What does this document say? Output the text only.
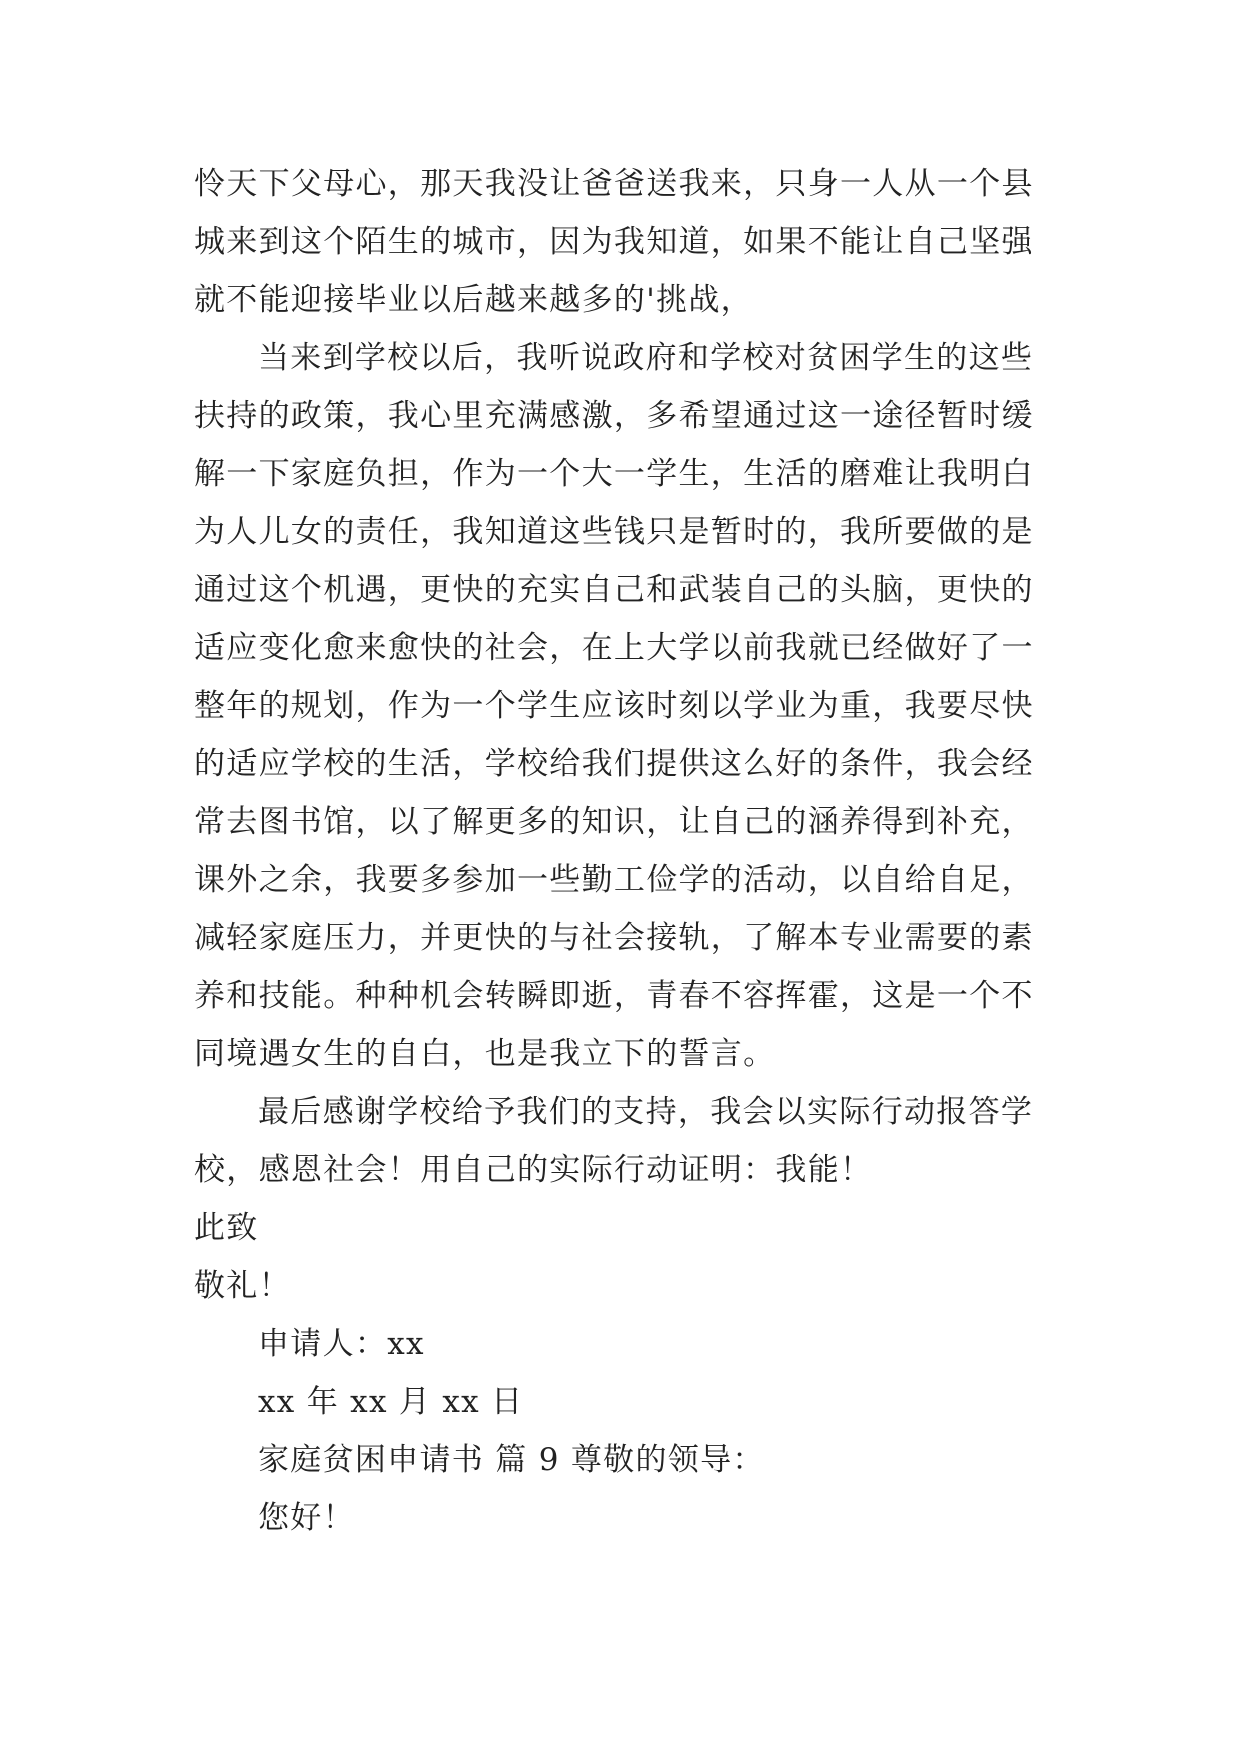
怜天下父母心，那天我没让爸爸送我来，只身一人从一个县
城来到这个陌生的城市，因为我知道，如果不能让自己坚强
就不能迎接毕业以后越来越多的'挑战，
当来到学校以后，我听说政府和学校对贫困学生的这些
扶持的政策，我心里充满感激，多希望通过这一途径暂时缓
解一下家庭负担，作为一个大一学生，生活的磨难让我明白
为人儿女的责任，我知道这些钱只是暂时的，我所要做的是
通过这个机遇，更快的充实自己和武装自己的头脑，更快的
适应变化愈来愈快的社会，在上大学以前我就已经做好了一
整年的规划，作为一个学生应该时刻以学业为重，我要尽快
的适应学校的生活，学校给我们提供这么好的条件，我会经
常去图书馆，以了解更多的知识，让自己的涵养得到补充，
课外之余，我要多参加一些勤工俭学的活动，以自给自足，
减轻家庭压力，并更快的与社会接轨，了解本专业需要的素
养和技能。种种机会转瞬即逝，青春不容挥霍，这是一个不
同境遇女生的自白，也是我立下的誓言。
最后感谢学校给予我们的支持，我会以实际行动报答学
校，感恩社会！用自己的实际行动证明：我能！
此致
敬礼！
申请人：xx
xx 年 xx 月 xx 日
家庭贫困申请书 篇 9 尊敬的领导：
您好！
